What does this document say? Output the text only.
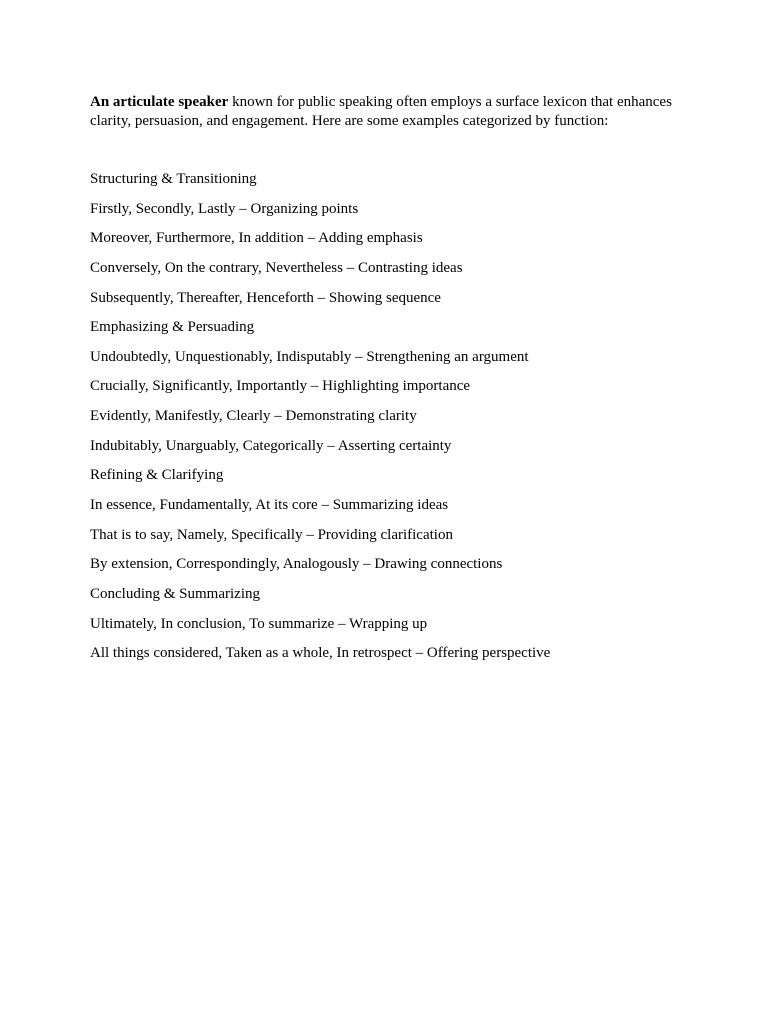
An articulate speaker known for public speaking often employs a surface lexicon that enhances clarity, persuasion, and engagement. Here are some examples categorized by function:

Structuring & Transitioning
Firstly, Secondly, Lastly – Organizing points
Moreover, Furthermore, In addition – Adding emphasis
Conversely, On the contrary, Nevertheless – Contrasting ideas
Subsequently, Thereafter, Henceforth – Showing sequence
Emphasizing & Persuading
Undoubtedly, Unquestionably, Indisputably – Strengthening an argument
Crucially, Significantly, Importantly – Highlighting importance
Evidently, Manifestly, Clearly – Demonstrating clarity
Indubitably, Unarguably, Categorically – Asserting certainty
Refining & Clarifying
In essence, Fundamentally, At its core – Summarizing ideas
That is to say, Namely, Specifically – Providing clarification
By extension, Correspondingly, Analogously – Drawing connections
Concluding & Summarizing
Ultimately, In conclusion, To summarize – Wrapping up
All things considered, Taken as a whole, In retrospect – Offering perspective
